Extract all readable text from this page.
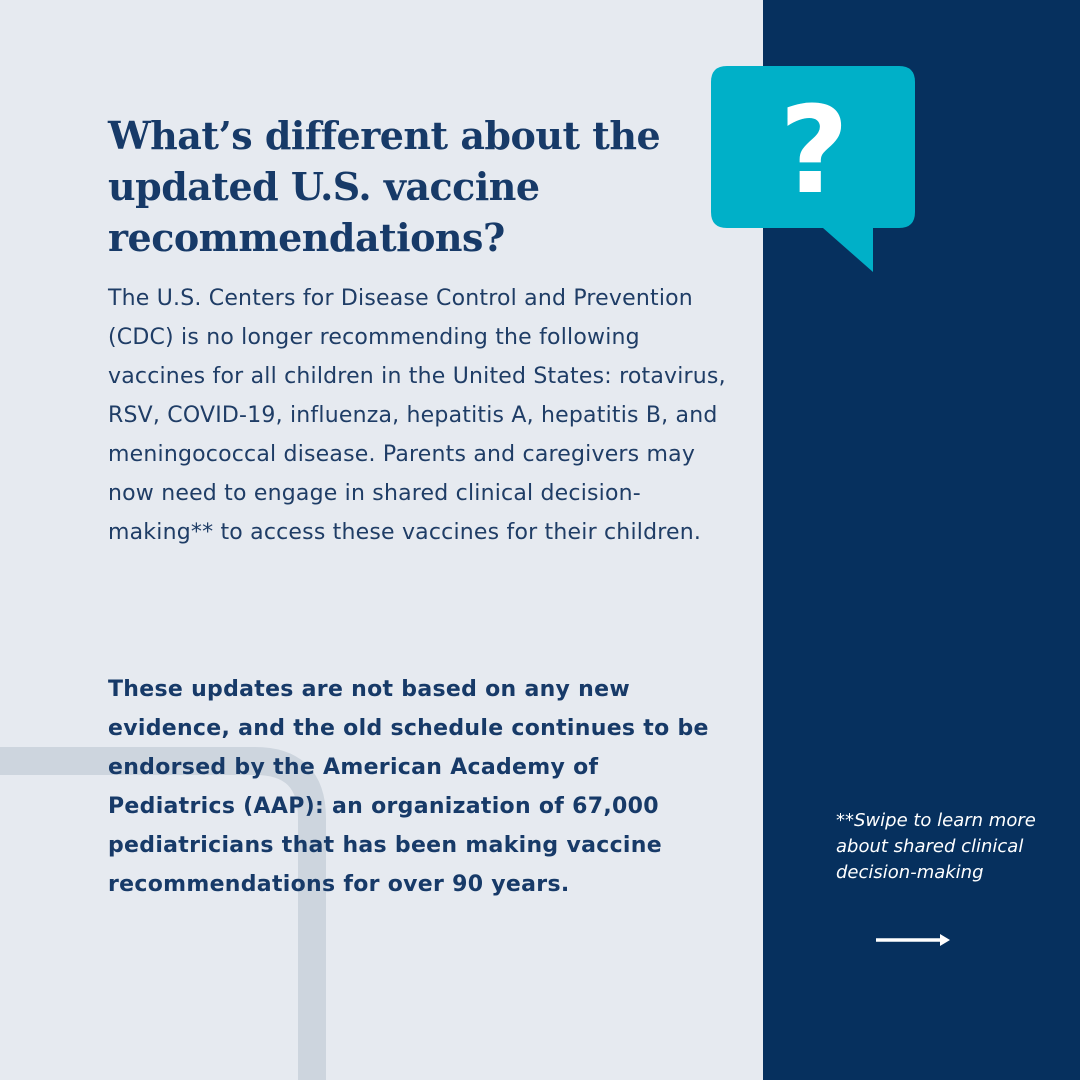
?
What’s different about the updated U.S. vaccine recommendations?

The U.S. Centers for Disease Control and Prevention (CDC) is no longer recommending the following vaccines for all children in the United States: rotavirus, RSV, COVID-19, influenza, hepatitis A, hepatitis B, and meningococcal disease. Parents and caregivers may now need to engage in shared clinical decision-making** to access these vaccines for their children.

These updates are not based on any new evidence, and the old schedule continues to be endorsed by the American Academy of Pediatrics (AAP): an organization of 67,000 pediatricians that has been making vaccine recommendations for over 90 years.

**Swipe to learn more about shared clinical decision-making
